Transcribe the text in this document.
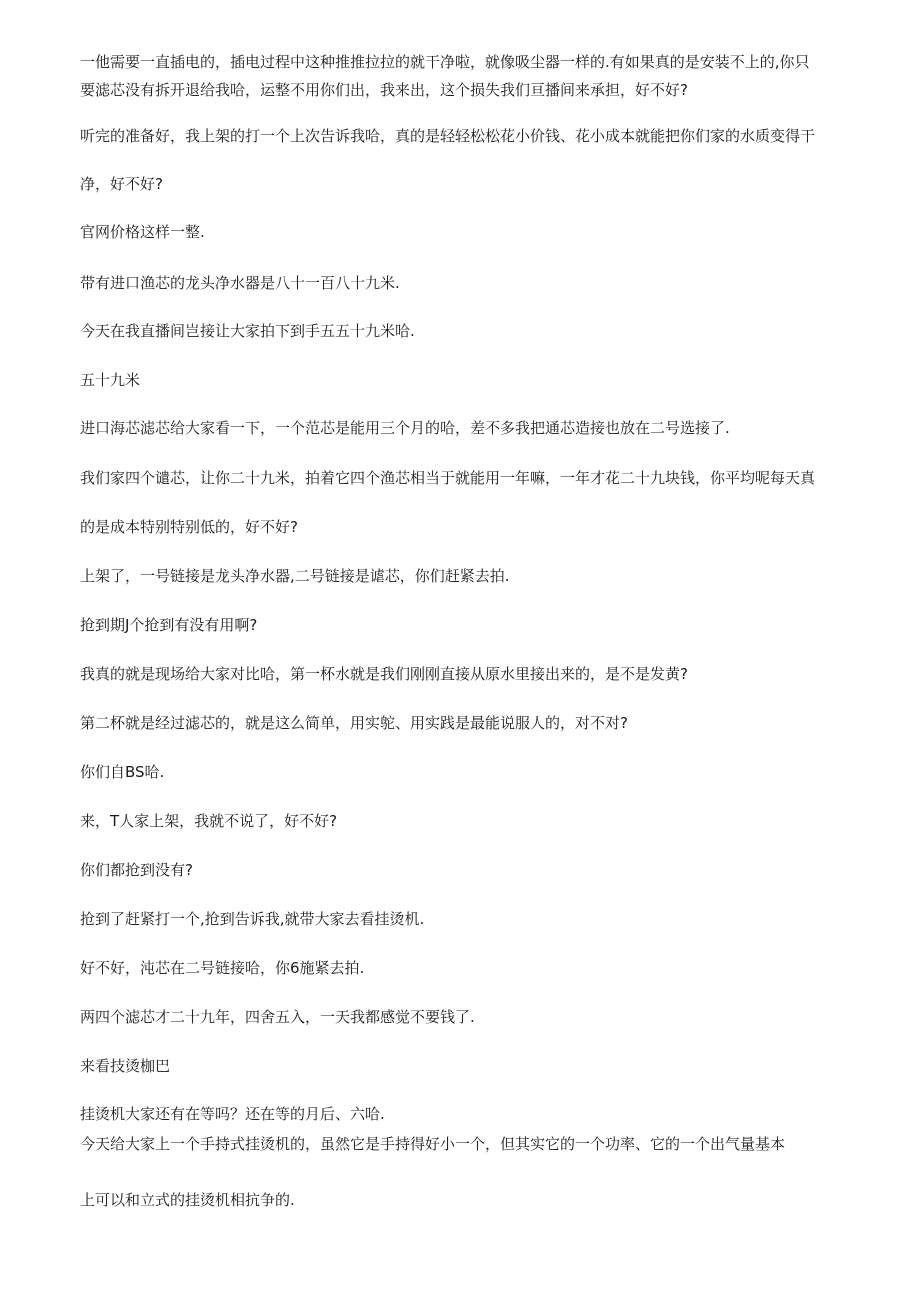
一他需要一直插电的，插电过程中这种推推拉拉的就干净啦，就像吸尘器一样的.有如果真的是安装不上的,你只
要滤芯没有拆开退给我哈，运整不用你们出，我来出，这个损失我们亘播间来承担，好不好?
听完的准备好，我上架的打一个上次告诉我哈，真的是轻轻松松花小价钱、花小成本就能把你们家的水质变得干
净，好不好?
官网价格这样一整.
带有进口渔芯的龙头净水器是八十一百八十九米.
今天在我直播间岂接让大家拍下到手五五十九米哈.
五十九米
进口海芯滤芯给大家看一下，一个范芯是能用三个月的哈，差不多我把通芯造接也放在二号选接了.
我们家四个谴芯，让你二十九米，拍着它四个渔芯相当于就能用一年嘛，一年才花二十九块钱，你平均呢每天真
的是成本特别特别低的，好不好?
上架了，一号链接是龙头净水器,二号链接是谑芯，你们赶紧去拍.
抢到期J个抢到有没有用啊?
我真的就是现场给大家对比哈，第一杯水就是我们刚刚直接从原水里接出来的，是不是发黄?
第二杯就是经过滤芯的，就是这么简单，用实鸵、用实践是最能说服人的，对不对?
你们自BS哈.
来，T人家上架，我就不说了，好不好?
你们都抢到没有?
抢到了赶紧打一个,抢到告诉我,就带大家去看挂烫机.
好不好，沌芯在二号链接哈，你6施紧去拍.
两四个滤芯才二十九年，四舍五入，一天我都感觉不要钱了.
来看技烫枷巴
挂烫机大家还有在等吗？还在等的月后、六哈.
今天给大家上一个手持式挂烫机的，虽然它是手持得好小一个，但其实它的一个功率、它的一个出气量基本
上可以和立式的挂烫机相抗争的.
